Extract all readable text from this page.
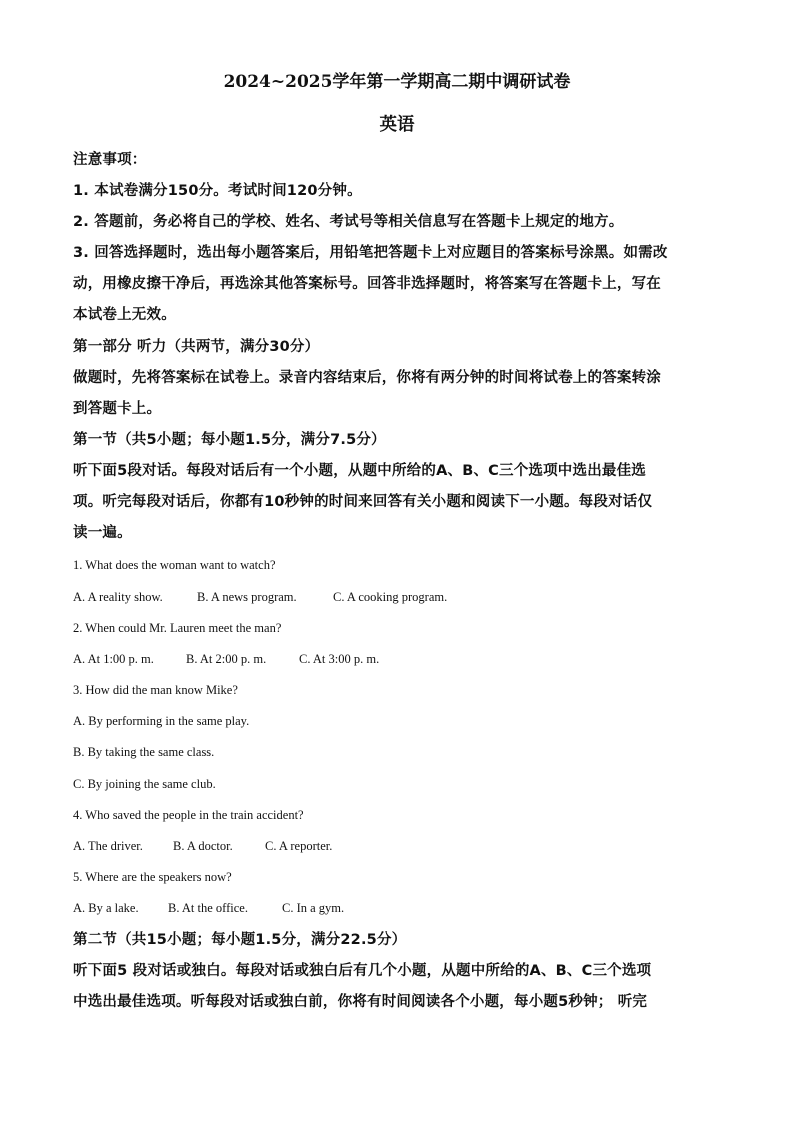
2024~2025学年第一学期高二期中调研试卷
英语
注意事项：
1. 本试卷满分150分。考试时间120分钟。
2. 答题前，务必将自己的学校、姓名、考试号等相关信息写在答题卡上规定的地方。
3. 回答选择题时，选出每小题答案后，用铅笔把答题卡上对应题目的答案标号涂黑。如需改
动，用橡皮擦干净后，再选涂其他答案标号。回答非选择题时，将答案写在答题卡上，写在
本试卷上无效。
第一部分 听力（共两节，满分30分）
做题时，先将答案标在试卷上。录音内容结束后，你将有两分钟的时间将试卷上的答案转涂
到答题卡上。
第一节（共5小题；每小题1.5分，满分7.5分）
听下面5段对话。每段对话后有一个小题，从题中所给的A、B、C三个选项中选出最佳选
项。听完每段对话后，你都有10秒钟的时间来回答有关小题和阅读下一小题。每段对话仅
读一遍。
1. What does the woman want to watch?
A. A reality show.	B. A news program.	C. A cooking program.
2. When could Mr. Lauren meet the man?
A. At 1:00 p. m.	B. At 2:00 p. m.	C. At 3:00 p. m.
3. How did the man know Mike?
A. By performing in the same play.
B. By taking the same class.
C. By joining the same club.
4. Who saved the people in the train accident?
A. The driver. B. A doctor.	C. A reporter.
5. Where are the speakers now?
A. By a lake. B. At the office.	C. In a gym.
第二节（共15小题；每小题1.5分，满分22.5分）
听下面5 段对话或独白。每段对话或独白后有几个小题，从题中所给的A、B、C三个选项
中选出最佳选项。听每段对话或独白前，你将有时间阅读各个小题，每小题5秒钟； 听完
